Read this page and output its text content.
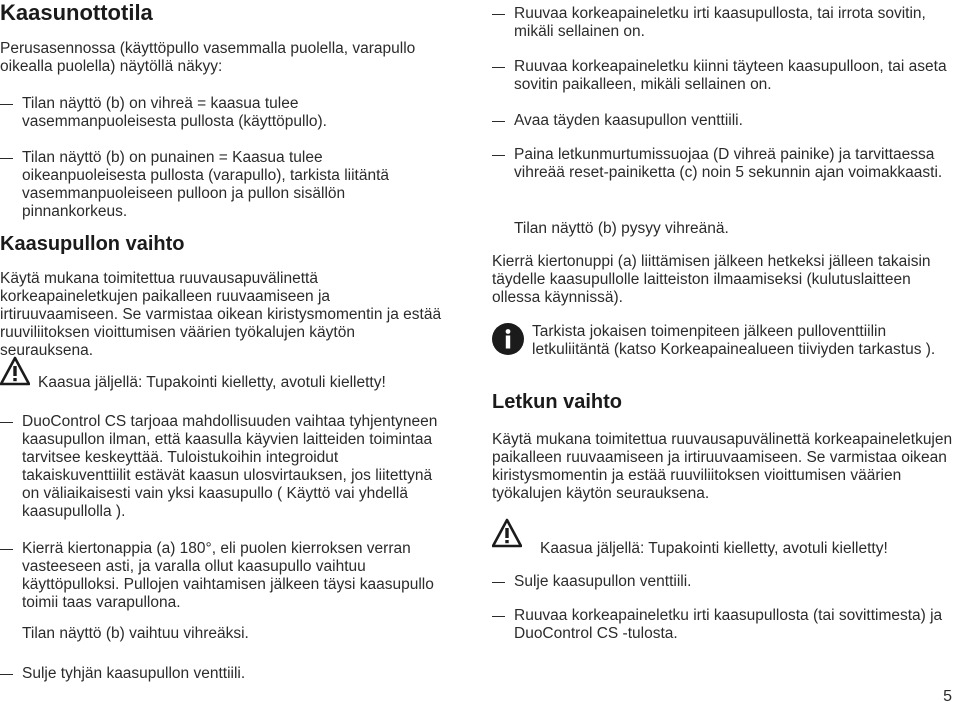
Kaasunottotila

Perusasennossa (käyttöpullo vasemmalla puolella, varapullo oikealla puolella) näytöllä näkyy:

Tilan näyttö (b) on vihreä = kaasua tulee vasemmanpuoleisesta pullosta (käyttöpullo).

Tilan näyttö (b) on punainen = Kaasua tulee oikeanpuoleisesta pullosta (varapullo), tarkista liitäntä vasemmanpuoleiseen pulloon ja pullon sisällön pinnankorkeus.

Kaasupullon vaihto

Käytä mukana toimitettua ruuvausapuvälinettä korkeapaineletkujen paikalleen ruuvaamiseen ja irtiruuvaamiseen. Se varmistaa oikean kiristysmomentin ja estää ruuviliitoksen vioittumisen väärien työkalujen käytön seurauksena.

Kaasua jäljellä: Tupakointi kielletty, avotuli kielletty!

DuoControl CS tarjoaa mahdollisuuden vaihtaa tyhjentyneen kaasupullon ilman, että kaasulla käyvien laitteiden toimintaa tarvitsee keskeyttää. Tuloistukoihin integroidut takaiskuventtiilit estävät kaasun ulosvirtauksen, jos liitettynä on väliaikaisesti vain yksi kaasupullo ( Käyttö vai yhdellä kaasupullolla ).

Kierrä kiertonappia (a) 180°, eli puolen kierroksen verran vasteeseen asti, ja varalla ollut kaasupullo vaihtuu käyttöpulloksi. Pullojen vaihtamisen jälkeen täysi kaasupullo toimii taas varapullona.

Tilan näyttö (b) vaihtuu vihreäksi.

Sulje tyhjän kaasupullon venttiili.

Ruuvaa korkeapaineletku irti kaasupullosta, tai irrota sovitin, mikäli sellainen on.

Ruuvaa korkeapaineletku kiinni täyteen kaasupulloon, tai aseta sovitin paikalleen, mikäli sellainen on.

Avaa täyden kaasupullon venttiili.

Paina letkunmurtumissuojaa (D vihreä painike) ja tarvittaessa vihreää reset-painiketta (c) noin 5 sekunnin ajan voimakkaasti.

Tilan näyttö (b) pysyy vihreänä.

Kierrä kiertonuppi (a) liittämisen jälkeen hetkeksi jälleen takaisin täydelle kaasupullolle laitteiston ilmaamiseksi (kulutuslaitteen ollessa käynnissä).

Tarkista jokaisen toimenpiteen jälkeen pulloventtiilin letkuliitäntä (katso Korkeapainealueen tiiviyden tarkastus ).

Letkun vaihto

Käytä mukana toimitettua ruuvausapuvälinettä korkeapaineletkujen paikalleen ruuvaamiseen ja irtiruuvaamiseen. Se varmistaa oikean kiristysmomentin ja estää ruuviliitoksen vioittumisen väärien työkalujen käytön seurauksena.

Kaasua jäljellä: Tupakointi kielletty, avotuli kielletty!

Sulje kaasupullon venttiili.

Ruuvaa korkeapaineletku irti kaasupullosta (tai sovittimesta) ja DuoControl CS -tulosta.

5
